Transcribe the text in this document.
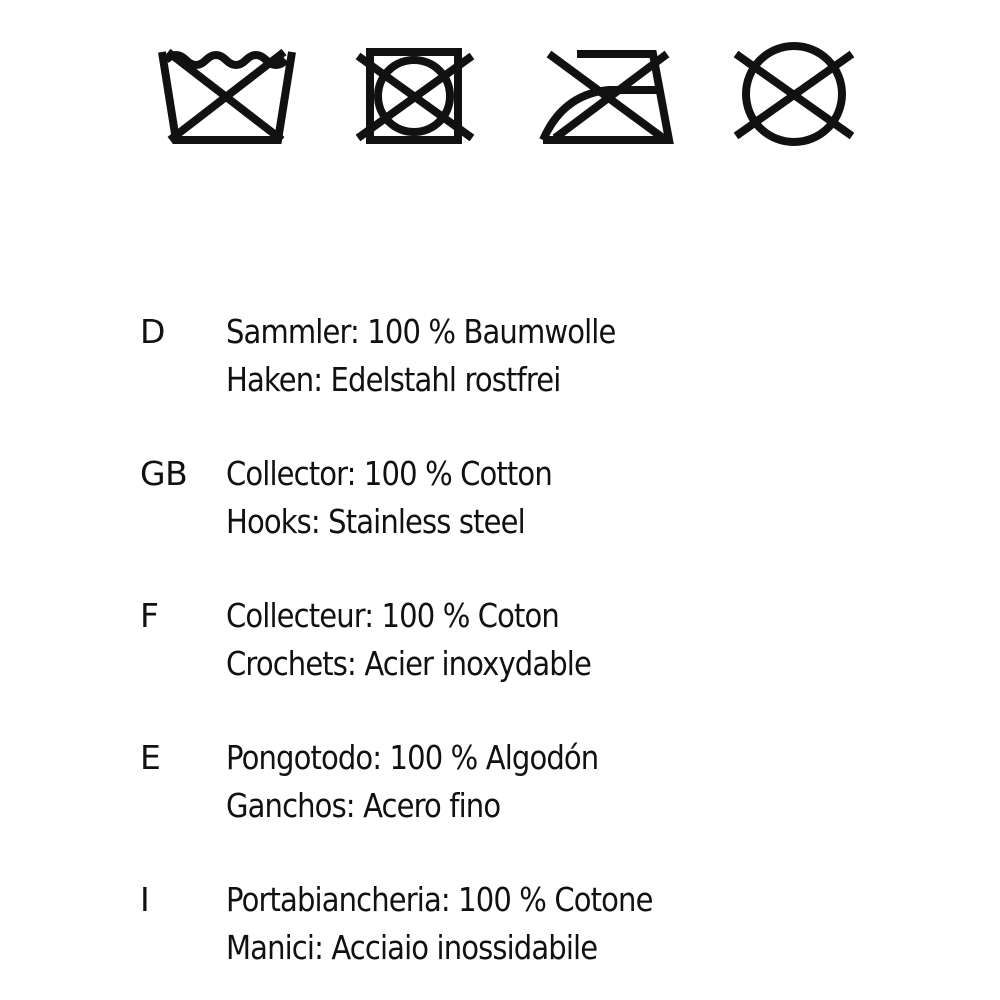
D	Sammler: 100 % Baumwolle
Haken: Edelstahl rostfrei
GB	Collector: 100 % Cotton
Hooks: Stainless steel
F	Collecteur: 100 % Coton
Crochets: Acier inoxydable
E	Pongotodo: 100 % Algodón
Ganchos: Acero fino
I	Portabiancheria: 100 % Cotone
Manici: Acciaio inossidabile
